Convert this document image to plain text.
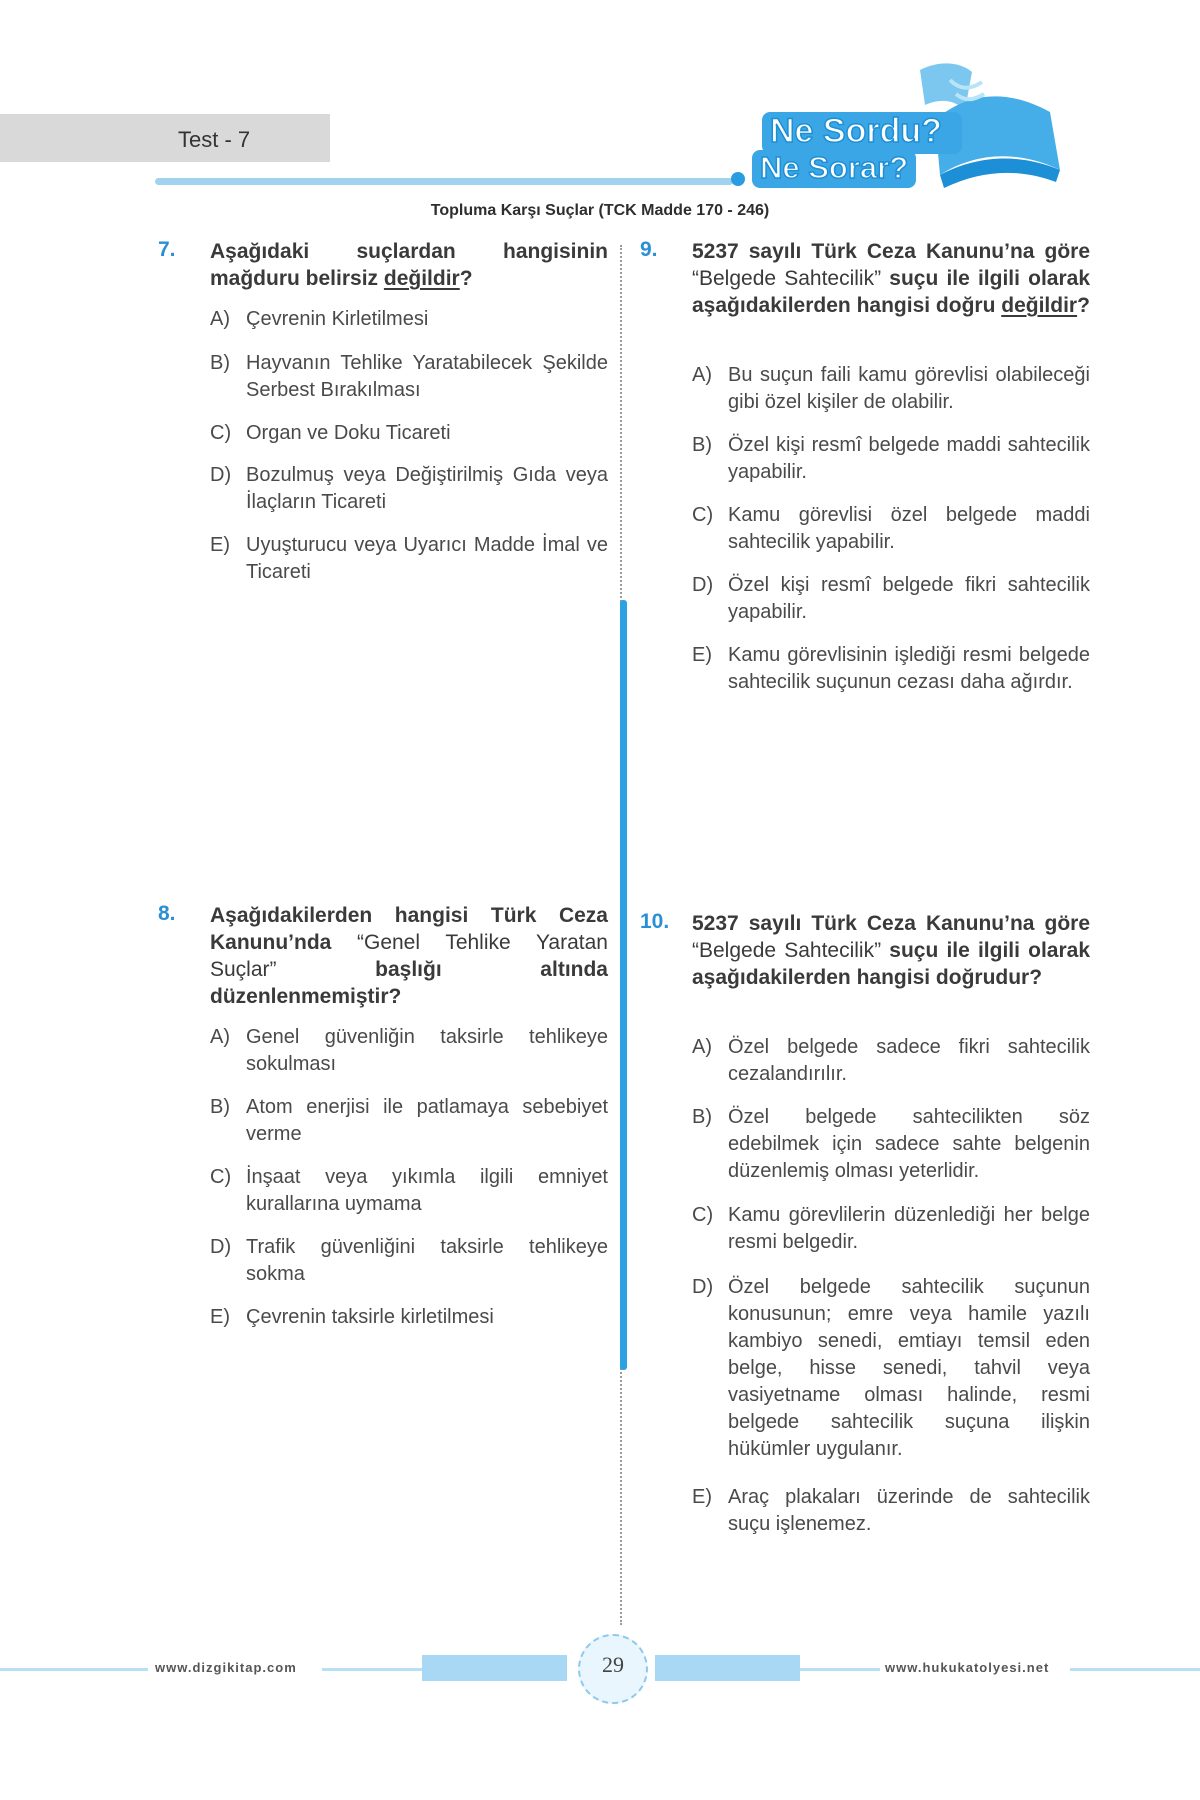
Test - 7	Ne Sordu?
Ne Sorar?
Topluma Karşı Suçlar (TCK Madde 170 - 246)
7. Aşağıdaki suçlardan hangisinin mağduru belirsiz değildir?
A) Çevrenin Kirletilmesi
B) Hayvanın Tehlike Yaratabilecek Şekilde Serbest Bırakılması
C) Organ ve Doku Ticareti
D) Bozulmuş veya Değiştirilmiş Gıda veya İlaçların Ticareti
E) Uyuşturucu veya Uyarıcı Madde İmal ve Ticareti
8. Aşağıdakilerden hangisi Türk Ceza Kanunu’nda “Genel Tehlike Yaratan Suçlar” başlığı altında düzenlenmemiştir?
A) Genel güvenliğin taksirle tehlikeye sokulması
B) Atom enerjisi ile patlamaya sebebiyet verme
C) İnşaat veya yıkımla ilgili emniyet kurallarına uymama
D) Trafik güvenliğini taksirle tehlikeye sokma
E) Çevrenin taksirle kirletilmesi
9. 5237 sayılı Türk Ceza Kanunu’na göre “Belgede Sahtecilik” suçu ile ilgili olarak aşağıdakilerden hangisi doğru değildir?
A) Bu suçun faili kamu görevlisi olabileceği gibi özel kişiler de olabilir.
B) Özel kişi resmî belgede maddi sahtecilik yapabilir.
C) Kamu görevlisi özel belgede maddi sahtecilik yapabilir.
D) Özel kişi resmî belgede fikri sahtecilik yapabilir.
E) Kamu görevlisinin işlediği resmi belgede sahtecilik suçunun cezası daha ağırdır.
10. 5237 sayılı Türk Ceza Kanunu’na göre “Belgede Sahtecilik” suçu ile ilgili olarak aşağıdakilerden hangisi doğrudur?
A) Özel belgede sadece fikri sahtecilik cezalandırılır.
B) Özel belgede sahtecilikten söz edebilmek için sadece sahte belgenin düzenlemiş olması yeterlidir.
C) Kamu görevlilerin düzenlediği her belge resmi belgedir.
D) Özel belgede sahtecilik suçunun konusunun; emre veya hamile yazılı kambiyo senedi, emtiayı temsil eden belge, hisse senedi, tahvil veya vasiyetname olması halinde, resmi belgede sahtecilik suçuna ilişkin hükümler uygulanır.
E) Araç plakaları üzerinde de sahtecilik suçu işlenemez.
www.dizgikitap.com	29	www.hukukatolyesi.net
